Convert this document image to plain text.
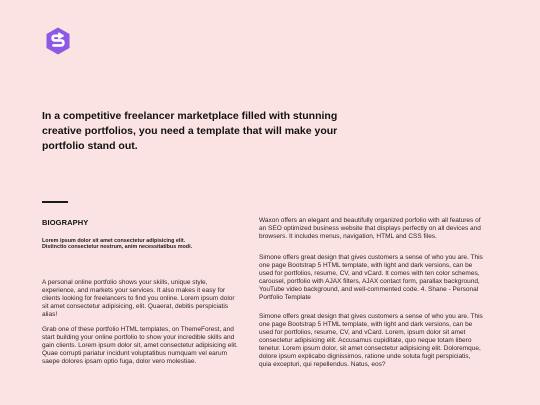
In a competitive freelancer marketplace filled with stunning creative portfolios, you need a template that will make your portfolio stand out.
BIOGRAPHY

Lorem ipsum dolor sit amet consectetur adipisicing elit. Distinctio consectetur nostrum, anim necessitatibus modi.

A personal online portfolio shows your skills, unique style, experience, and markets your services. It also makes it easy for clients looking for freelancers to find you online. Lorem ipsum dolor sit amet consectetur adipisicing, elit. Quaerat, debitis perspiciatis alias!

Grab one of these portfolio HTML templates, on ThemeForest, and start building your online portfolio to show your incredible skills and gain clients. Lorem ipsum dolor sit, amet consectetur adipisicing elit. Quae corrupti pariatur incidunt voluptatibus numquam vel earum saepe dolores ipsam optio fuga, dolor vero molestiae.

Waxon offers an elegant and beautifully organized porfolio with all features of an SEO optimized business website that displays perfectly on all devices and browsers. It includes menus, navigation, HTML and CSS files.

Simone offers great design that gives customers a sense of who you are. This one page Bootstrap 5 HTML template, with light and dark versions, can be used for portfolios, resume, CV, and vCard. It comes with ten color schemes, carousel, portfolio with AJAX filters, AJAX contact form, parallax background, YouTube video background, and well-commented code. 4. Shane - Personal Portfolio Template

Simone offers great design that gives customers a sense of who you are. This one page Bootstrap 5 HTML template, with light and dark versions, can be used for portfolios, resume, CV, and vCard. Lorem, ipsum dolor sit amet consectetur adipisicing elit. Accusamus cupiditate, quo neque totam libero tenetur. Lorem ipsum dolor, sit amet consectetur adipisicing elit. Doloremque, dolore ipsum explicabo dignissimos, ratione unde soluta fugit perspiciatis, quia excepturi, qui repellendus. Natus, eos?
